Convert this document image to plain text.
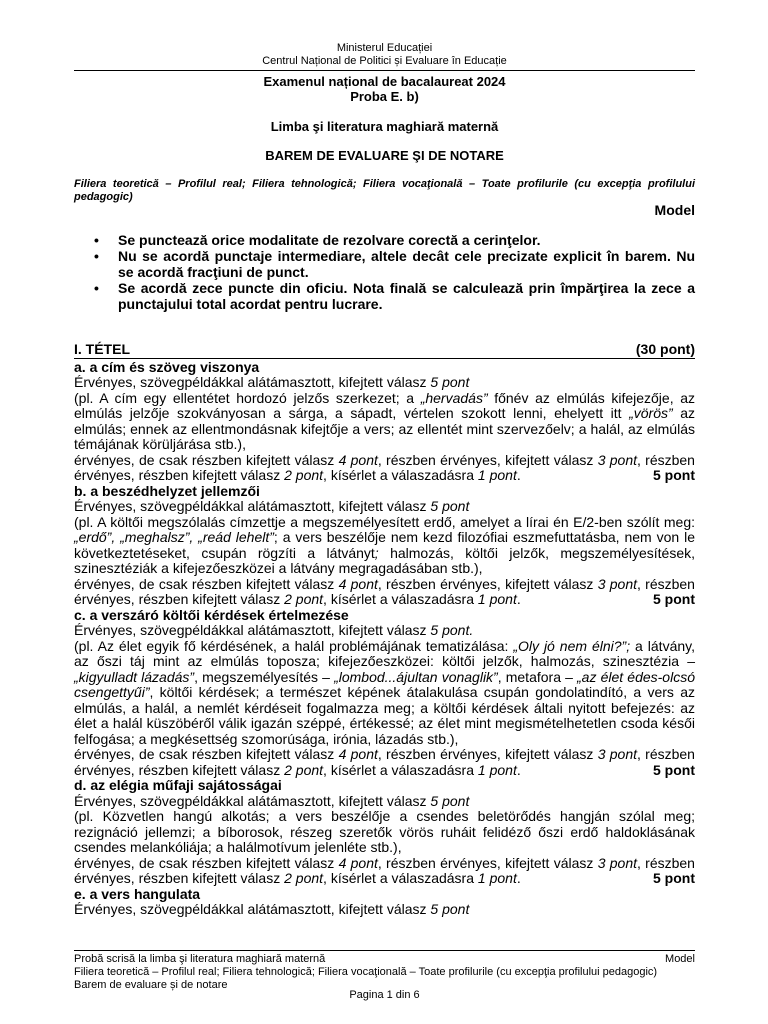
Ministerul Educației
Centrul Național de Politici și Evaluare în Educație
Examenul național de bacalaureat 2024
Proba E. b)
Limba şi literatura maghiară maternă
BAREM DE EVALUARE ŞI DE NOTARE
Filiera teoretică – Profilul real; Filiera tehnologică; Filiera vocaţională – Toate profilurile (cu excepţia profilului pedagogic)
Model
• Se punctează orice modalitate de rezolvare corectă a cerinţelor.
• Nu se acordă punctaje intermediare, altele decât cele precizate explicit în barem. Nu se acordă fracţiuni de punct.
• Se acordă zece puncte din oficiu. Nota finală se calculează prin împărţirea la zece a punctajului total acordat pentru lucrare.
I. TÉTEL	(30 pont)
a. a cím és szöveg viszonya
Érvényes, szövegpéldákkal alátámasztott, kifejtett válasz 5 pont
(pl. A cím egy ellentétet hordozó jelzős szerkezet; a „hervadás” főnév az elmúlás kifejezője, az elmúlás jelzője szokványosan a sárga, a sápadt, vértelen szokott lenni, ehelyett itt „vörös” az elmúlás; ennek az ellentmondásnak kifejtője a vers; az ellentét mint szervezőelv; a halál, az elmúlás témájának körüljárása stb.),
érvényes, de csak részben kifejtett válasz 4 pont, részben érvényes, kifejtett válasz 3 pont, részben érvényes, részben kifejtett válasz 2 pont, kísérlet a válaszadásra 1 pont.	5 pont
b. a beszédhelyzet jellemzői
Érvényes, szövegpéldákkal alátámasztott, kifejtett válasz 5 pont
(pl. A költői megszólalás címzettje a megszemélyesített erdő, amelyet a lírai én E/2-ben szólít meg: „erdő”, „meghalsz”, „reád lehelt”; a vers beszélője nem kezd filozófiai eszmefuttatásba, nem von le következtetéseket, csupán rögzíti a látványt; halmozás, költői jelzők, megszemélyesítések, szinesztéziák a kifejezőeszközei a látvány megragadásában stb.),
érvényes, de csak részben kifejtett válasz 4 pont, részben érvényes, kifejtett válasz 3 pont, részben érvényes, részben kifejtett válasz 2 pont, kísérlet a válaszadásra 1 pont.	5 pont
c. a verszáró költői kérdések értelmezése
Érvényes, szövegpéldákkal alátámasztott, kifejtett válasz 5 pont.
(pl. Az élet egyik fő kérdésének, a halál problémájának tematizálása: „Oly jó nem élni?”; a látvány, az őszi táj mint az elmúlás toposza; kifejezőeszközei: költői jelzők, halmozás, szinesztézia – „kigyulladt lázadás”, megszemélyesítés – „lombod...ájultan vonaglik”, metafora – „az élet édes-olcsó csengettyűi”, költői kérdések; a természet képének átalakulása csupán gondolatindító, a vers az elmúlás, a halál, a nemlét kérdéseit fogalmazza meg; a költői kérdések általi nyitott befejezés: az élet a halál küszöbéről válik igazán széppé, értékessé; az élet mint megismételhetetlen csoda késői felfogása; a megkésettség szomorúsága, irónia, lázadás stb.),
érvényes, de csak részben kifejtett válasz 4 pont, részben érvényes, kifejtett válasz 3 pont, részben érvényes, részben kifejtett válasz 2 pont, kísérlet a válaszadásra 1 pont.	5 pont
d. az elégia műfaji sajátosságai
Érvényes, szövegpéldákkal alátámasztott, kifejtett válasz 5 pont
(pl. Közvetlen hangú alkotás; a vers beszélője a csendes beletörődés hangján szólal meg; rezignáció jellemzi; a bíborosok, részeg szeretők vörös ruháit felidéző őszi erdő haldoklásának csendes melankóliája; a halálmotívum jelenléte stb.),
érvényes, de csak részben kifejtett válasz 4 pont, részben érvényes, kifejtett válasz 3 pont, részben érvényes, részben kifejtett válasz 2 pont, kísérlet a válaszadásra 1 pont.	5 pont
e. a vers hangulata
Érvényes, szövegpéldákkal alátámasztott, kifejtett válasz 5 pont
Probă scrisă la limba şi literatura maghiară maternă	Model
Filiera teoretică – Profilul real; Filiera tehnologică; Filiera vocaţională – Toate profilurile (cu excepţia profilului pedagogic)
Barem de evaluare și de notare
Pagina 1 din 6
